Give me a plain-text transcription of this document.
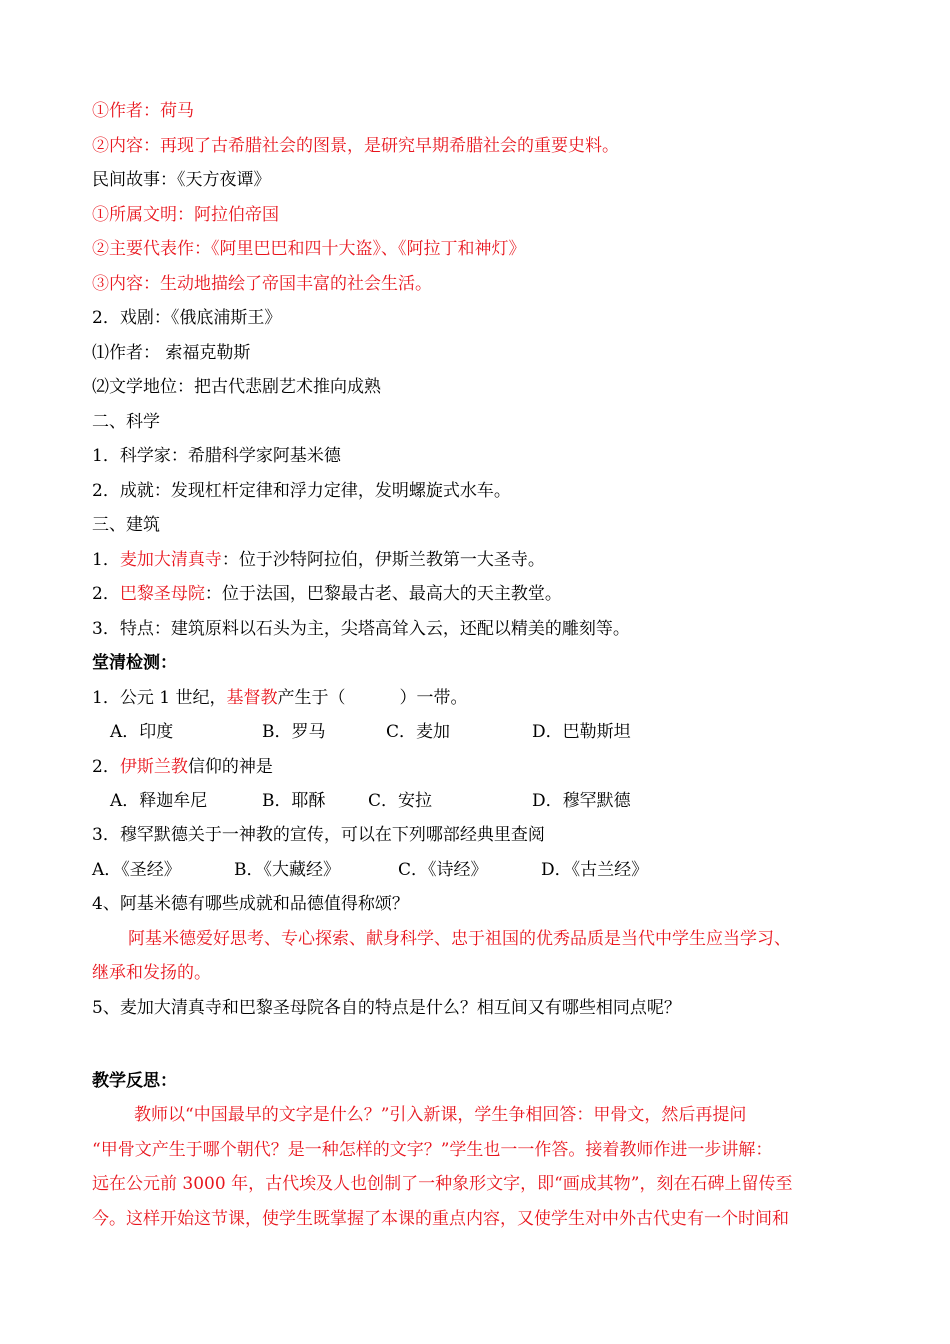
①作者：荷马
②内容：再现了古希腊社会的图景，是研究早期希腊社会的重要史料。
民间故事：《天方夜谭》
①所属文明：阿拉伯帝国
②主要代表作：《阿里巴巴和四十大盗》、《阿拉丁和神灯》
③内容：生动地描绘了帝国丰富的社会生活。
2．戏剧：《俄底浦斯王》
⑴作者： 索福克勒斯
⑵文学地位：把古代悲剧艺术推向成熟
二、科学
1．科学家：希腊科学家阿基米德
2．成就：发现杠杆定律和浮力定律，发明螺旋式水车。
三、建筑
1．麦加大清真寺：位于沙特阿拉伯，伊斯兰教第一大圣寺。
2．巴黎圣母院：位于法国，巴黎最古老、最高大的天主教堂。
3．特点：建筑原料以石头为主，尖塔高耸入云，还配以精美的雕刻等。
堂清检测：
1．公元 1 世纪，基督教产生于（          ）一带。
A．印度	B．罗马	C．麦加	D．巴勒斯坦
2．伊斯兰教信仰的神是
A．释迦牟尼	B．耶酥	C．安拉	D．穆罕默德
3．穆罕默德关于一神教的宣传，可以在下列哪部经典里查阅
A．《圣经》	B．《大藏经》	C．《诗经》	D．《古兰经》
4、阿基米德有哪些成就和品德值得称颂？
阿基米德爱好思考、专心探索、献身科学、忠于祖国的优秀品质是当代中学生应当学习、
继承和发扬的。
5、麦加大清真寺和巴黎圣母院各自的特点是什么？相互间又有哪些相同点呢？
教学反思：
教师以“中国最早的文字是什么？”引入新课，学生争相回答：甲骨文，然后再提问
“甲骨文产生于哪个朝代？是一种怎样的文字？”学生也一一作答。接着教师作进一步讲解：
远在公元前 3000 年，古代埃及人也创制了一种象形文字，即“画成其物”，刻在石碑上留传至
今。这样开始这节课，使学生既掌握了本课的重点内容，又使学生对中外古代史有一个时间和
